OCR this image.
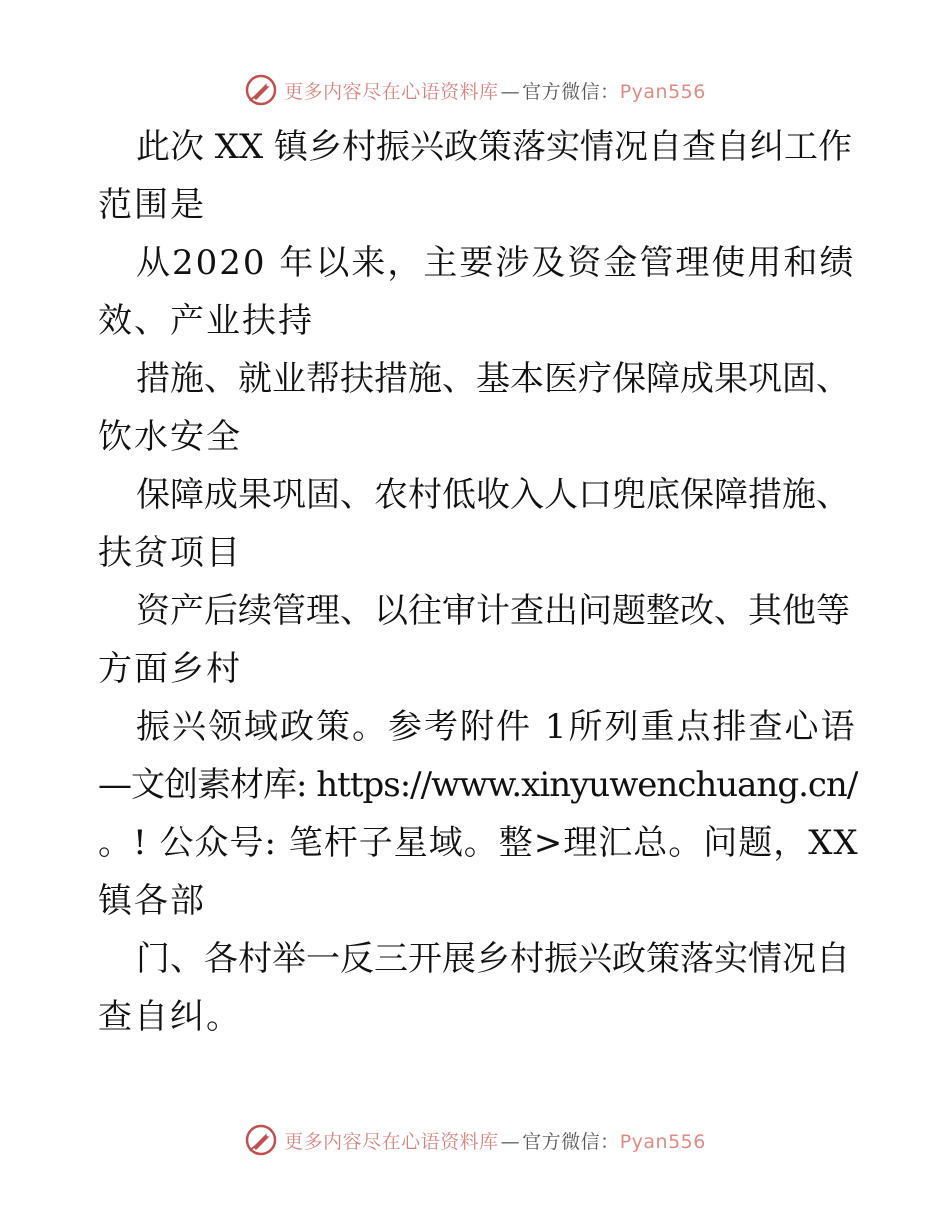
更多内容尽在心语资料库 — 官方微信：Pyan556
此次 XX 镇乡村振兴政策落实情况自查自纠工作
范围是
从2020 年以来，主要涉及资金管理使用和绩
效、产业扶持
措施、就业帮扶措施、基本医疗保障成果巩固、
饮水安全
保障成果巩固、农村低收入人口兜底保障措施、
扶贫项目
资产后续管理、以往审计查出问题整改、其他等
方面乡村
振兴领域政策。参考附件 1所列重点排查心语
—文创素材库: https://www.xinyuwenchuang.cn/
。! 公众号: 笔杆子星域。整>理汇总。问题，XX
镇各部
门、各村举一反三开展乡村振兴政策落实情况自
查自纠。
更多内容尽在心语资料库 — 官方微信：Pyan556
